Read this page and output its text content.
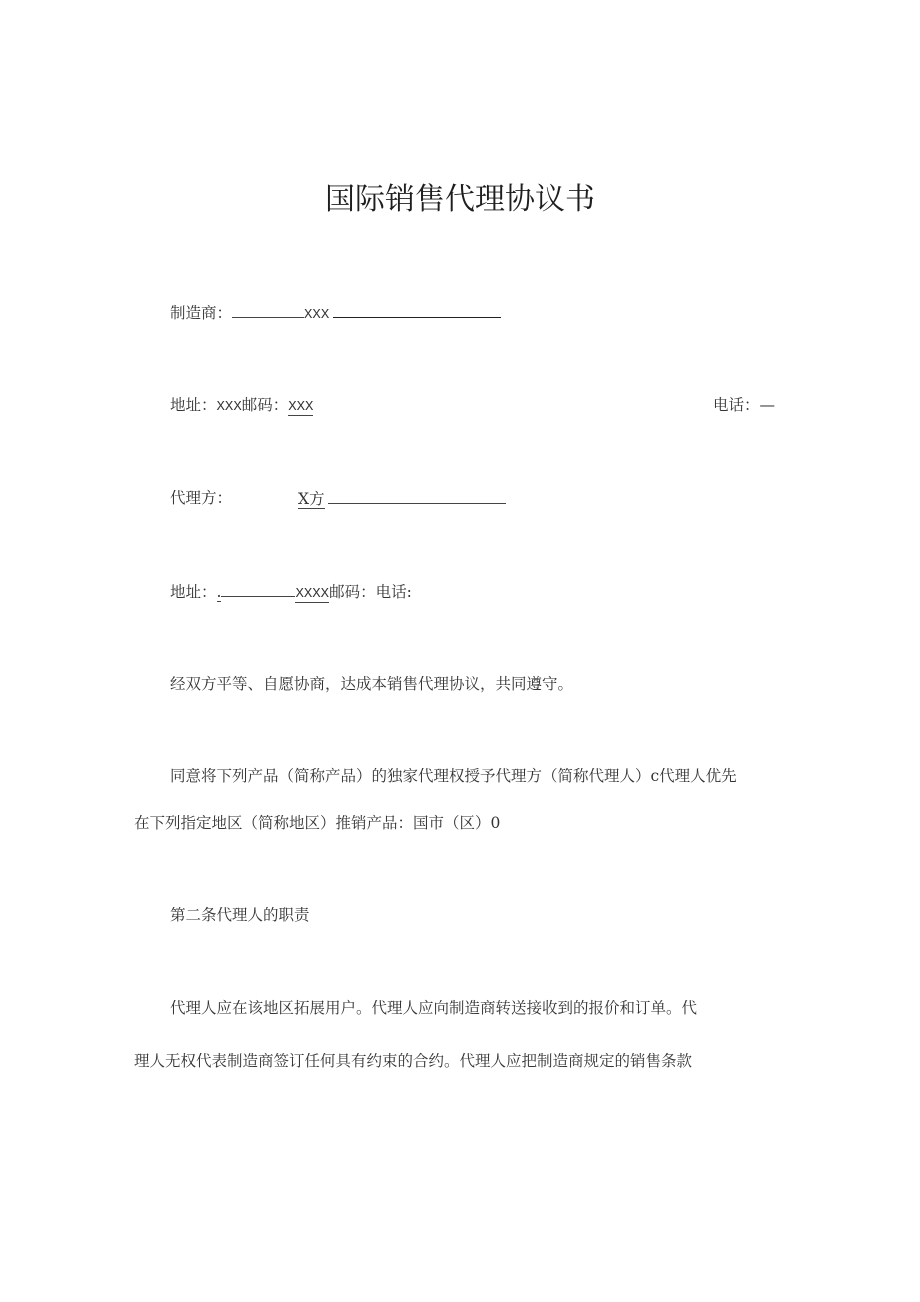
国际销售代理协议书
制造商：	XXX
地址：XXX邮码：XXX	电话：—
代理方：	X方
地址：.	XXXX邮码：电话:
经双方平等、自愿协商，达成本销售代理协议，共同遵守。
同意将下列产品（简称产品）的独家代理权授予代理方（简称代理人）c代理人优先
在下列指定地区（简称地区）推销产品：国市（区）0
第二条代理人的职责
代理人应在该地区拓展用户。代理人应向制造商转送接收到的报价和订单。代
理人无权代表制造商签订任何具有约束的合约。代理人应把制造商规定的销售条款
